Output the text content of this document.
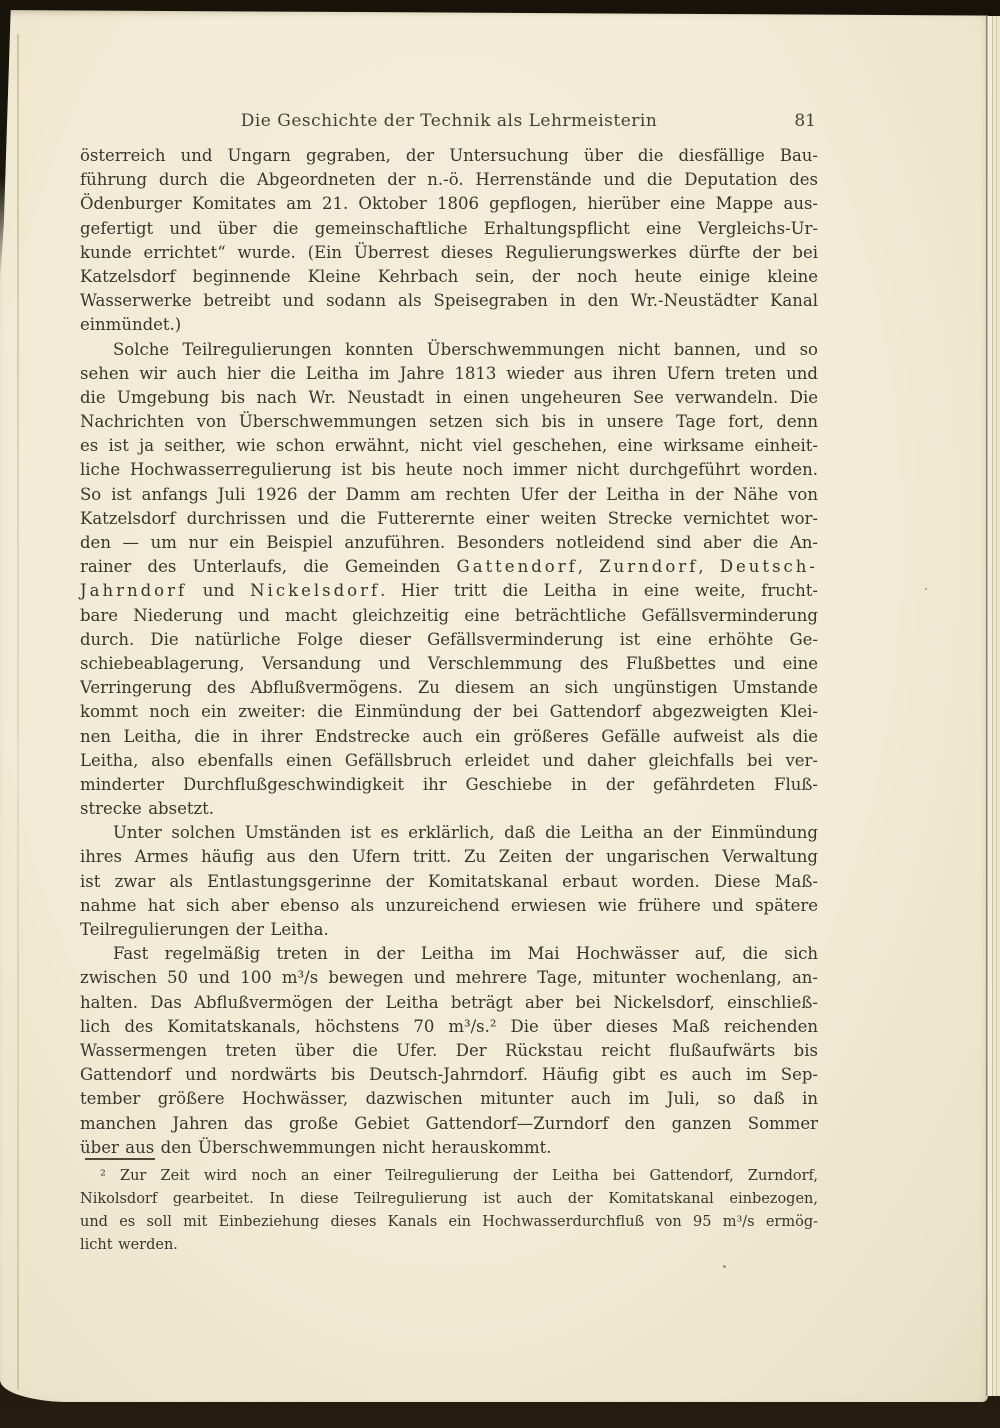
Die Geschichte der Technik als Lehrmeisterin	81
österreich und Ungarn gegraben, der Untersuchung über die diesfällige Bau-
führung durch die Abgeordneten der n.-ö. Herrenstände und die Deputation des
Ödenburger Komitates am 21. Oktober 1806 gepflogen, hierüber eine Mappe aus-
gefertigt und über die gemeinschaftliche Erhaltungspflicht eine Vergleichs-Ur-
kunde errichtet“ wurde. (Ein Überrest dieses Regulierungswerkes dürfte der bei
Katzelsdorf beginnende Kleine Kehrbach sein, der noch heute einige kleine
Wasserwerke betreibt und sodann als Speisegraben in den Wr.-Neustädter Kanal
einmündet.)
Solche Teilregulierungen konnten Überschwemmungen nicht bannen, und so
sehen wir auch hier die Leitha im Jahre 1813 wieder aus ihren Ufern treten und
die Umgebung bis nach Wr. Neustadt in einen ungeheuren See verwandeln. Die
Nachrichten von Überschwemmungen setzen sich bis in unsere Tage fort, denn
es ist ja seither, wie schon erwähnt, nicht viel geschehen, eine wirksame einheit-
liche Hochwasserregulierung ist bis heute noch immer nicht durchgeführt worden.
So ist anfangs Juli 1926 der Damm am rechten Ufer der Leitha in der Nähe von
Katzelsdorf durchrissen und die Futterernte einer weiten Strecke vernichtet wor-
den — um nur ein Beispiel anzuführen. Besonders notleidend sind aber die An-
rainer des Unterlaufs, die Gemeinden Gattendorf, Zurndorf, Deutsch-
Jahrndorf und Nickelsdorf. Hier tritt die Leitha in eine weite, frucht-
bare Niederung und macht gleichzeitig eine beträchtliche Gefällsverminderung
durch. Die natürliche Folge dieser Gefällsverminderung ist eine erhöhte Ge-
schiebeablagerung, Versandung und Verschlemmung des Flußbettes und eine
Verringerung des Abflußvermögens. Zu diesem an sich ungünstigen Umstande
kommt noch ein zweiter: die Einmündung der bei Gattendorf abgezweigten Klei-
nen Leitha, die in ihrer Endstrecke auch ein größeres Gefälle aufweist als die
Leitha, also ebenfalls einen Gefällsbruch erleidet und daher gleichfalls bei ver-
minderter Durchflußgeschwindigkeit ihr Geschiebe in der gefährdeten Fluß-
strecke absetzt.
Unter solchen Umständen ist es erklärlich, daß die Leitha an der Einmündung
ihres Armes häufig aus den Ufern tritt. Zu Zeiten der ungarischen Verwaltung
ist zwar als Entlastungsgerinne der Komitatskanal erbaut worden. Diese Maß-
nahme hat sich aber ebenso als unzureichend erwiesen wie frühere und spätere
Teilregulierungen der Leitha.
Fast regelmäßig treten in der Leitha im Mai Hochwässer auf, die sich
zwischen 50 und 100 m³/s bewegen und mehrere Tage, mitunter wochenlang, an-
halten. Das Abflußvermögen der Leitha beträgt aber bei Nickelsdorf, einschließ-
lich des Komitatskanals, höchstens 70 m³/s.² Die über dieses Maß reichenden
Wassermengen treten über die Ufer. Der Rückstau reicht flußaufwärts bis
Gattendorf und nordwärts bis Deutsch-Jahrndorf. Häufig gibt es auch im Sep-
tember größere Hochwässer, dazwischen mitunter auch im Juli, so daß in
manchen Jahren das große Gebiet Gattendorf—Zurndorf den ganzen Sommer
über aus den Überschwemmungen nicht herauskommt.
² Zur Zeit wird noch an einer Teilregulierung der Leitha bei Gattendorf, Zurndorf,
Nikolsdorf gearbeitet. In diese Teilregulierung ist auch der Komitatskanal einbezogen,
und es soll mit Einbeziehung dieses Kanals ein Hochwasserdurchfluß von 95 m³/s ermög-
licht werden.
